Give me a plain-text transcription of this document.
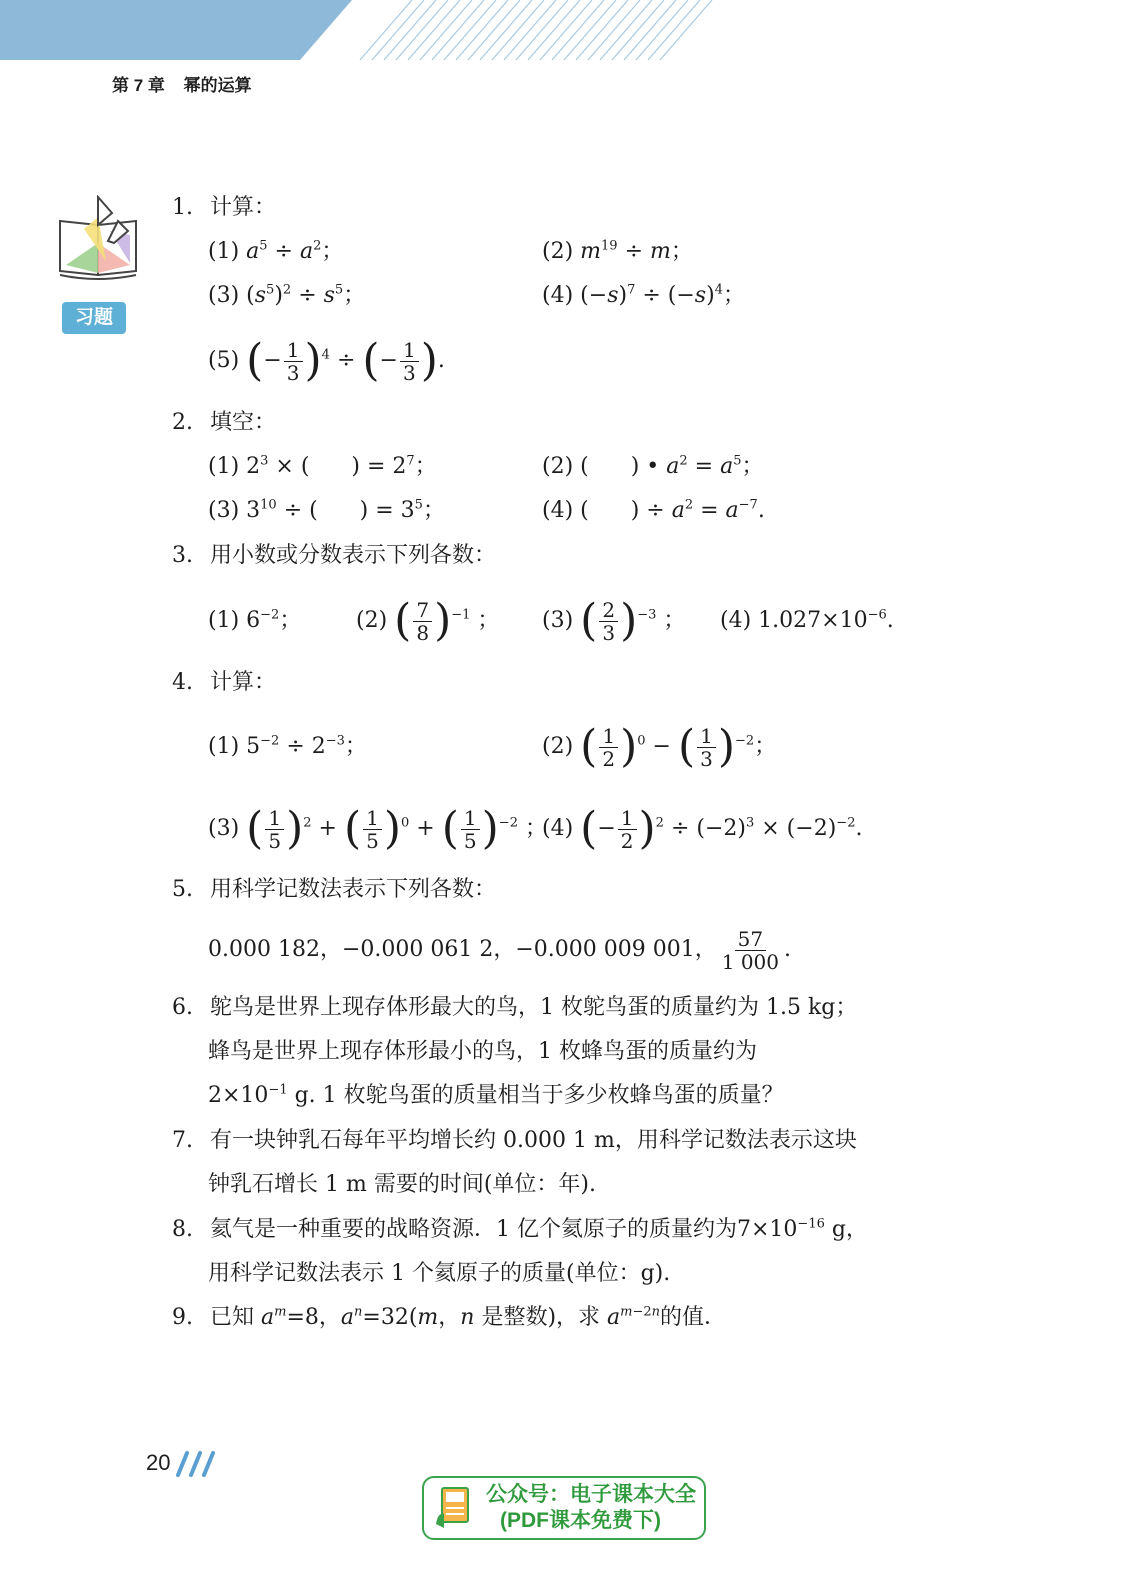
第 7 章 幂的运算
习题
1. 计算：
(1) $a^5 \div a^2$；	(2) $m^{19} \div m$；
(3) $(s^5)^2 \div s^5$；	(4) $(-s)^7 \div (-s)^4$；
(5) (− $\frac{1}{3} )^4$ ÷ (− $\frac{1}{3}$ ).
2. 填空：
(1) $2^3$ × (      ) = $2^7$；	(2) (      ) • $a^2 = a^5$；
(3) $3^{10}$ ÷ (      ) = $3^5$；	(4) (      ) ÷ $a^2 = a^{-7}$.
3. 用小数或分数表示下列各数：
(1) $6^{-2}$； (2) ( $\frac{7}{8} )^{-1}$ ； (3) ( $\frac{2}{3} )^{-3}$ ； (4) $1.027\times 10^{-6}$.
4. 计算：
(1) $5^{-2} \div 2^{-3}$；	(2) ( $\frac{1}{2} )^0$ − ( $\frac{1}{3} )^{-2}$；
(3) ( $\frac{1}{5} )^2$ + ( $\frac{1}{5} )^0$ + ( $\frac{1}{5} )^{-2}$ ；
(4) (− $\frac{1}{2} )^2 \div (-2)^3 \times (-2)^{-2}$.
5. 用科学记数法表示下列各数：
0.000 182，−0.000 061 2，−0.000 009 001， $\frac{57}{1 000}$ .
6. 鸵鸟是世界上现存体形最大的鸟，1 枚鸵鸟蛋的质量约为 1.5 kg；
蜂鸟是世界上现存体形最小的鸟，1 枚蜂鸟蛋的质量约为
$2\times 10^{-1}$ g. 1 枚鸵鸟蛋的质量相当于多少枚蜂鸟蛋的质量？
7. 有一块钟乳石每年平均增长约 0.000 1 m，用科学记数法表示这块
钟乳石增长 1 m 需要的时间(单位：年).
8. 氦气是一种重要的战略资源．1 亿个氦原子的质量约为$7\times 10^{-16}$ g，
用科学记数法表示 1 个氦原子的质量(单位：g).
9. 已知 $a^m=8$，$a^n=32(m$，n 是整数)，求 $a^{m-2n}$的值．
20
公众号：电子课本大全
(PDF课本免费下)
